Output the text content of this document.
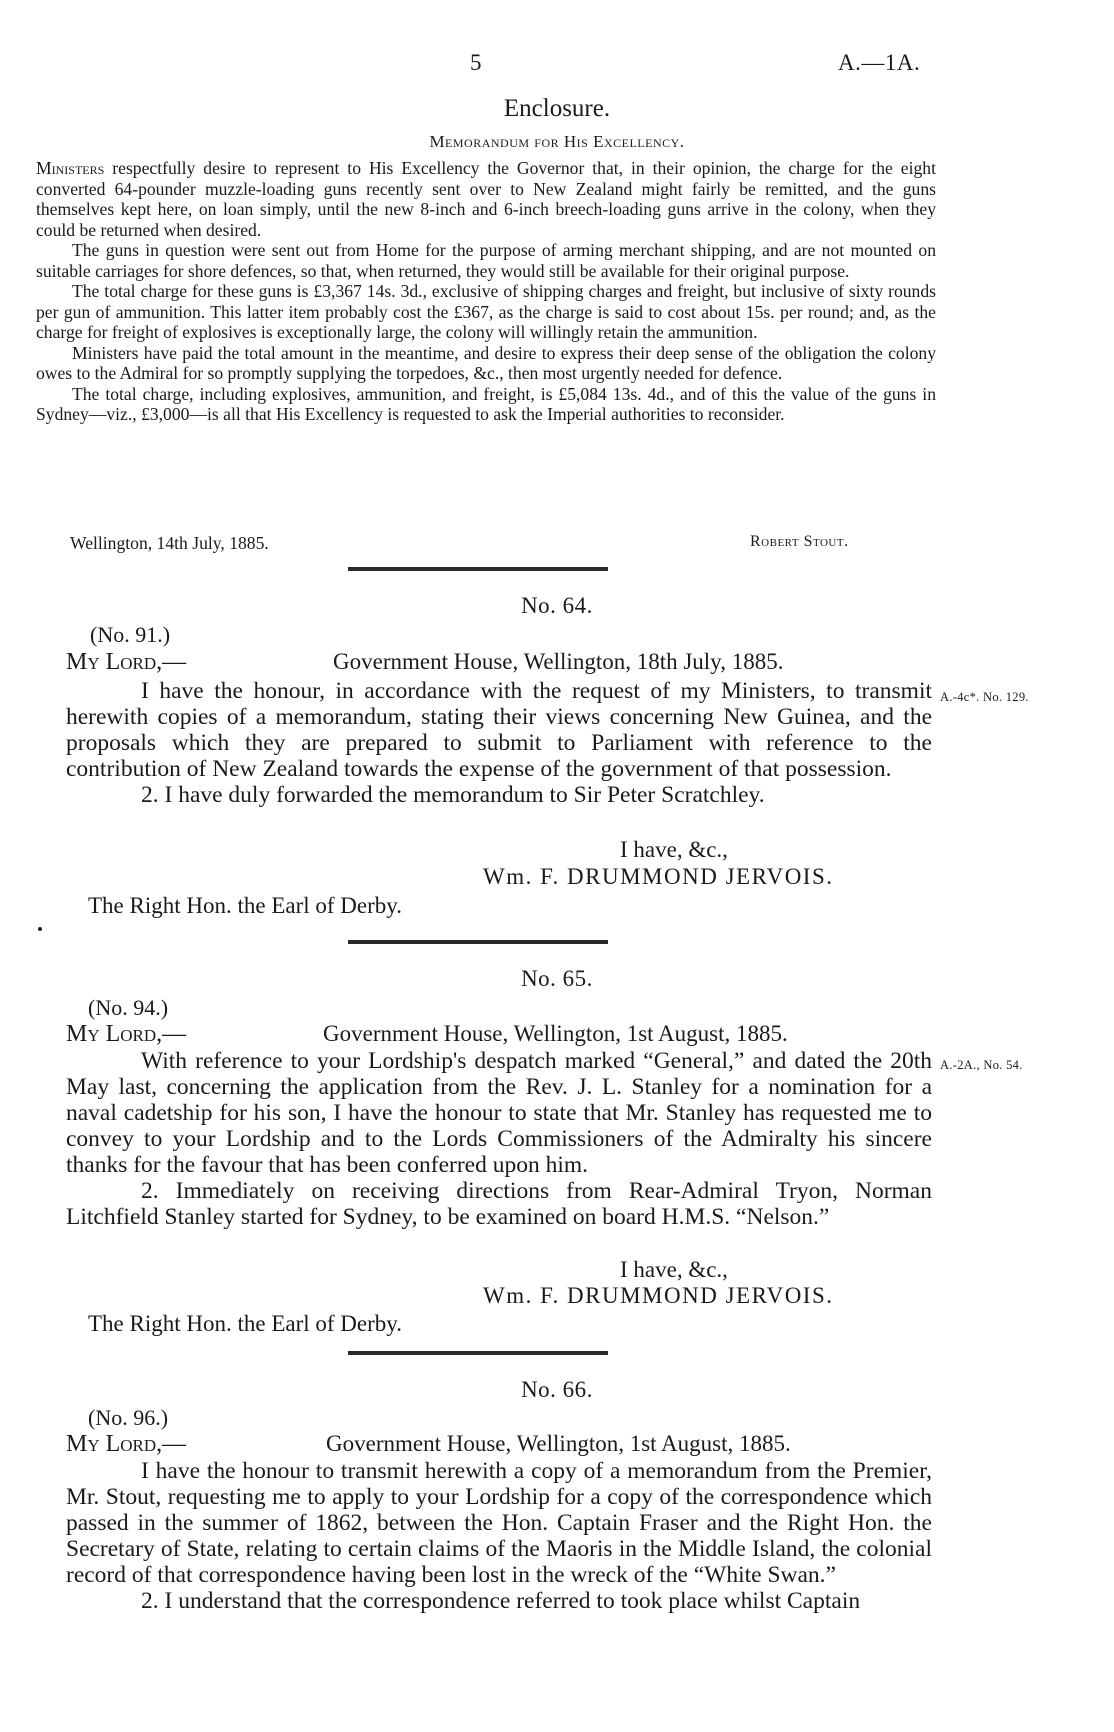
5	A.—1A.
Enclosure.
Memorandum for His Excellency.

Ministers respectfully desire to represent to His Excellency the Governor that, in their opinion, the charge for the eight converted 64-pounder muzzle-loading guns recently sent over to New Zealand might fairly be remitted, and the guns themselves kept here, on loan simply, until the new 8-inch and 6-inch breech-loading guns arrive in the colony, when they could be returned when desired.

The guns in question were sent out from Home for the purpose of arming merchant shipping, and are not mounted on suitable carriages for shore defences, so that, when returned, they would still be available for their original purpose.

The total charge for these guns is £3,367 14s. 3d., exclusive of shipping charges and freight, but inclusive of sixty rounds per gun of ammunition. This latter item probably cost the £367, as the charge is said to cost about 15s. per round; and, as the charge for freight of explosives is exceptionally large, the colony will willingly retain the ammunition.

Ministers have paid the total amount in the meantime, and desire to express their deep sense of the obligation the colony owes to the Admiral for so promptly supplying the torpedoes, &c., then most urgently needed for defence.

The total charge, including explosives, ammunition, and freight, is £5,084 13s. 4d., and of this the value of the guns in Sydney—viz., £3,000—is all that His Excellency is requested to ask the Imperial authorities to reconsider.

Wellington, 14th July, 1885.	Robert Stout.
No. 64.
(No. 91.)
My Lord,—	Government House, Wellington, 18th July, 1885.

I have the honour, in accordance with the request of my Ministers, to transmit herewith copies of a memorandum, stating their views concerning New Guinea, and the proposals which they are prepared to submit to Parliament with reference to the contribution of New Zealand towards the expense of the government of that possession.

2. I have duly forwarded the memorandum to Sir Peter Scratchley.

A.-4c*. No. 129.
I have, &c.,
Wm. F. DRUMMOND JERVOIS.
The Right Hon. the Earl of Derby.
No. 65.
(No. 94.)
My Lord,—	Government House, Wellington, 1st August, 1885.

With reference to your Lordship's despatch marked “General,” and dated the 20th May last, concerning the application from the Rev. J. L. Stanley for a nomination for a naval cadetship for his son, I have the honour to state that Mr. Stanley has requested me to convey to your Lordship and to the Lords Commissioners of the Admiralty his sincere thanks for the favour that has been conferred upon him.

2. Immediately on receiving directions from Rear-Admiral Tryon, Norman Litchfield Stanley started for Sydney, to be examined on board H.M.S. “Nelson.”

A.-2A., No. 54.
I have, &c.,
Wm. F. DRUMMOND JERVOIS.
The Right Hon. the Earl of Derby.
No. 66.
(No. 96.)
My Lord,—	Government House, Wellington, 1st August, 1885.

I have the honour to transmit herewith a copy of a memorandum from the Premier, Mr. Stout, requesting me to apply to your Lordship for a copy of the correspondence which passed in the summer of 1862, between the Hon. Captain Fraser and the Right Hon. the Secretary of State, relating to certain claims of the Maoris in the Middle Island, the colonial record of that correspondence having been lost in the wreck of the “White Swan.”

2. I understand that the correspondence referred to took place whilst Captain
